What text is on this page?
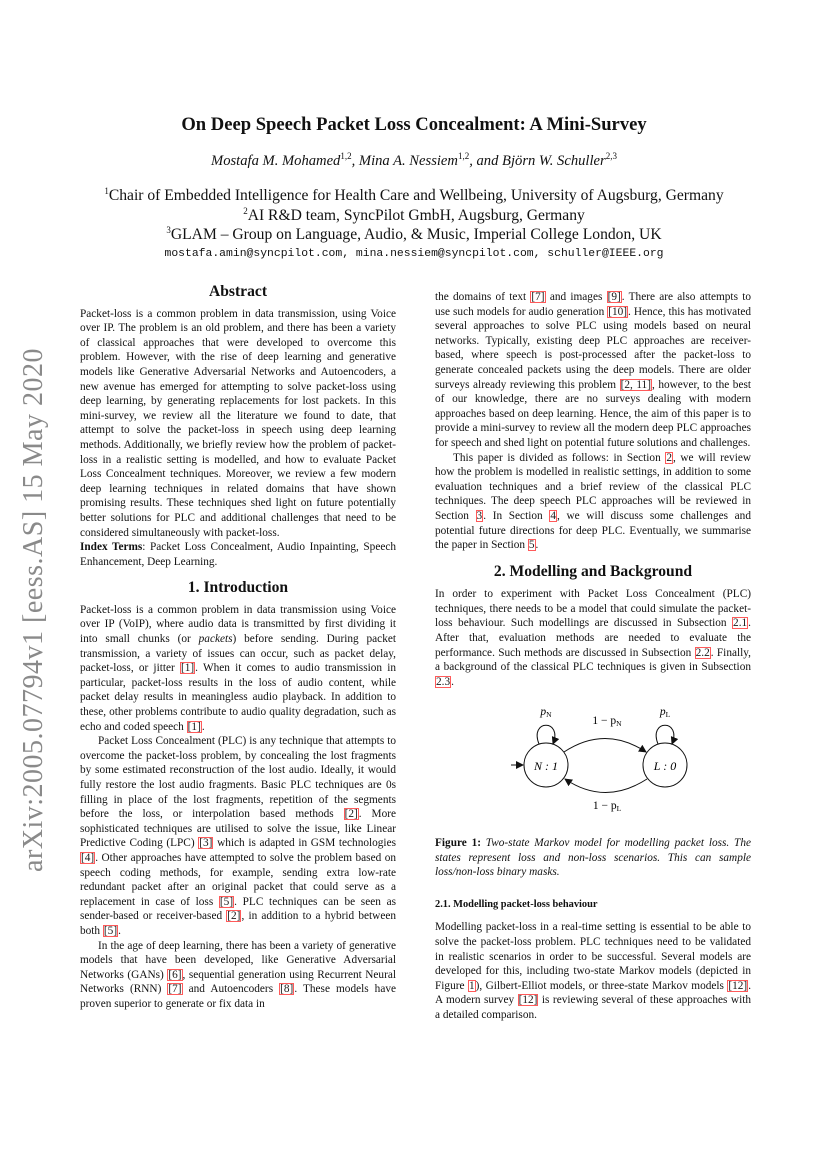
arXiv:2005.07794v1 [eess.AS] 15 May 2020
On Deep Speech Packet Loss Concealment: A Mini-Survey
Mostafa M. Mohamed$^{1,2}$, Mina A. Nessiem$^{1,2}$, and Björn W. Schuller$^{2,3}$
$^1$Chair of Embedded Intelligence for Health Care and Wellbeing, University of Augsburg, Germany
$^2$AI R&D team, SyncPilot GmbH, Augsburg, Germany
$^3$GLAM – Group on Language, Audio, & Music, Imperial College London, UK
mostafa.amin@syncpilot.com, mina.nessiem@syncpilot.com, schuller@IEEE.org
Abstract

Packet-loss is a common problem in data transmission, using Voice over IP. The problem is an old problem, and there has been a variety of classical approaches that were developed to overcome this problem. However, with the rise of deep learning and generative models like Generative Adversarial Networks and Autoencoders, a new avenue has emerged for attempting to solve packet-loss using deep learning, by generating replacements for lost packets. In this mini-survey, we review all the literature we found to date, that attempt to solve the packet-loss in speech using deep learning methods. Additionally, we briefly review how the problem of packet-loss in a realistic setting is modelled, and how to evaluate Packet Loss Concealment techniques. Moreover, we review a few modern deep learning techniques in related domains that have shown promising results. These techniques shed light on future potentially better solutions for PLC and additional challenges that need to be considered simultaneously with packet-loss.

Index Terms: Packet Loss Concealment, Audio Inpainting, Speech Enhancement, Deep Learning.

1. Introduction

Packet-loss is a common problem in data transmission using Voice over IP (VoIP), where audio data is transmitted by first dividing it into small chunks (or packets) before sending. During packet transmission, a variety of issues can occur, such as packet delay, packet-loss, or jitter [1]. When it comes to audio transmission in particular, packet-loss results in the loss of audio content, while packet delay results in meaningless audio playback. In addition to these, other problems contribute to audio quality degradation, such as echo and coded speech [1].

Packet Loss Concealment (PLC) is any technique that attempts to overcome the packet-loss problem, by concealing the lost fragments by some estimated reconstruction of the lost audio. Ideally, it would fully restore the lost audio fragments. Basic PLC techniques are 0s filling in place of the lost fragments, repetition of the segments before the loss, or interpolation based methods [2]. More sophisticated techniques are utilised to solve the issue, like Linear Predictive Coding (LPC) [3] which is adapted in GSM technologies [4]. Other approaches have attempted to solve the problem based on speech coding methods, for example, sending extra low-rate redundant packet after an original packet that could serve as a replacement in case of loss [5]. PLC techniques can be seen as sender-based or receiver-based [2], in addition to a hybrid between both [5].

In the age of deep learning, there has been a variety of generative models that have been developed, like Generative Adversarial Networks (GANs) [6], sequential generation using Recurrent Neural Networks (RNN) [7] and Autoencoders [8]. These models have proven superior to generate or fix data in

the domains of text [7] and images [9]. There are also attempts to use such models for audio generation [10]. Hence, this has motivated several approaches to solve PLC using models based on neural networks. Typically, existing deep PLC approaches are receiver-based, where speech is post-processed after the packet-loss to generate concealed packets using the deep models. There are older surveys already reviewing this problem [2, 11], however, to the best of our knowledge, there are no surveys dealing with modern approaches based on deep learning. Hence, the aim of this paper is to provide a mini-survey to review all the modern deep PLC approaches for speech and shed light on potential future solutions and challenges.

This paper is divided as follows: in Section 2, we will review how the problem is modelled in realistic settings, in addition to some evaluation techniques and a brief review of the classical PLC techniques. The deep speech PLC approaches will be reviewed in Section 3. In Section 4, we will discuss some challenges and potential future directions for deep PLC. Eventually, we summarise the paper in Section 5.

2. Modelling and Background

In order to experiment with Packet Loss Concealment (PLC) techniques, there needs to be a model that could simulate the packet-loss behaviour. Such modellings are discussed in Subsection 2.1. After that, evaluation methods are needed to evaluate the performance. Such methods are discussed in Subsection 2.2. Finally, a background of the classical PLC techniques is given in Subsection 2.3.

N : 1	L : 0
pN	pL
1 − pN
1 − pL

Figure 1: Two-state Markov model for modelling packet loss. The states represent loss and non-loss scenarios. This can sample loss/non-loss binary masks.

2.1. Modelling packet-loss behaviour

Modelling packet-loss in a real-time setting is essential to be able to solve the packet-loss problem. PLC techniques need to be validated in realistic scenarios in order to be successful. Several models are developed for this, including two-state Markov models (depicted in Figure 1), Gilbert-Elliot models, or three-state Markov models [12]. A modern survey [12] is reviewing several of these approaches with a detailed comparison.
